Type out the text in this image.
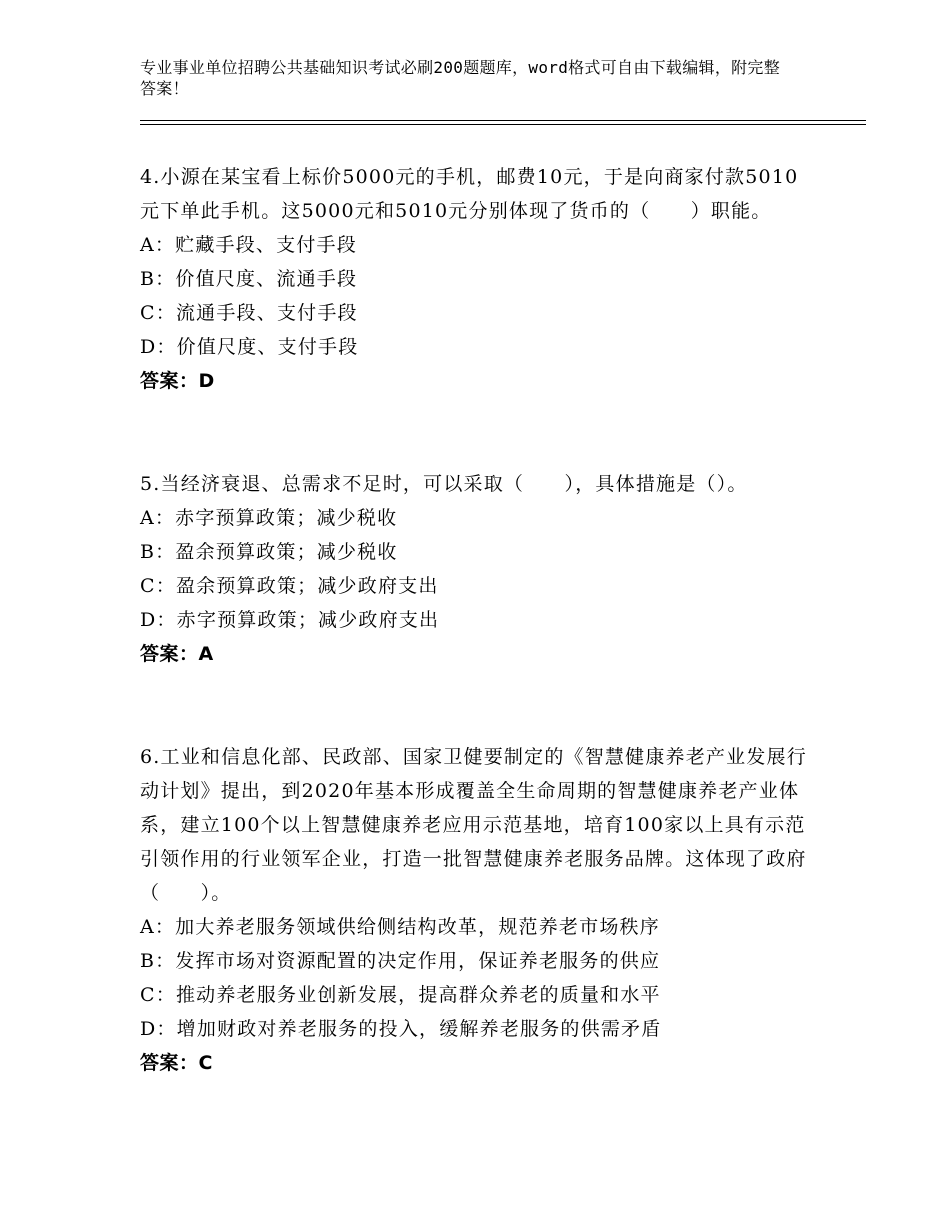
专业事业单位招聘公共基础知识考试必刷200题题库，word格式可自由下载编辑，附完整答案！
4.小源在某宝看上标价5000元的手机，邮费10元，于是向商家付款5010元下单此手机。这5000元和5010元分别体现了货币的（　　）职能。
A：贮藏手段、支付手段
B：价值尺度、流通手段
C：流通手段、支付手段
D：价值尺度、支付手段
答案：D
5.当经济衰退、总需求不足时，可以采取（　　），具体措施是（）。
A：赤字预算政策；减少税收
B：盈余预算政策；减少税收
C：盈余预算政策；减少政府支出
D：赤字预算政策；减少政府支出
答案：A
6.工业和信息化部、民政部、国家卫健要制定的《智慧健康养老产业发展行动计划》提出，到2020年基本形成覆盖全生命周期的智慧健康养老产业体系，建立100个以上智慧健康养老应用示范基地，培育100家以上具有示范引领作用的行业领军企业，打造一批智慧健康养老服务品牌。这体现了政府（　　）。
A：加大养老服务领域供给侧结构改革，规范养老市场秩序
B：发挥市场对资源配置的决定作用，保证养老服务的供应
C：推动养老服务业创新发展，提高群众养老的质量和水平
D：增加财政对养老服务的投入，缓解养老服务的供需矛盾
答案：C
